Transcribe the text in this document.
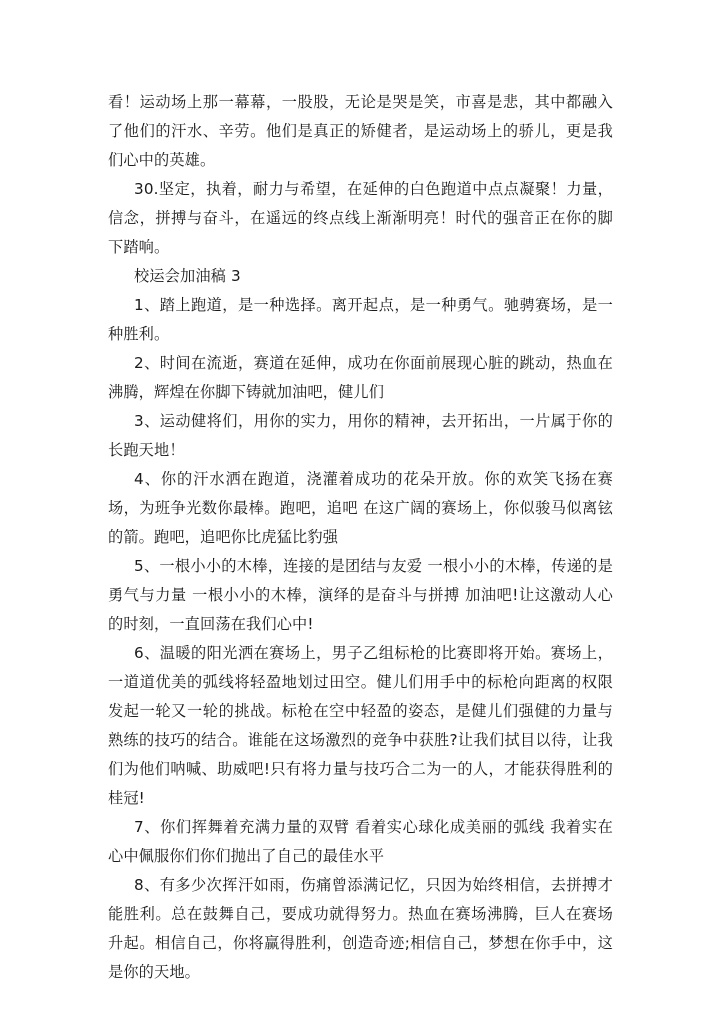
看！运动场上那一幕幕，一股股，无论是哭是笑，市喜是悲，其中都融入了他们的汗水、辛劳。他们是真正的矫健者，是运动场上的骄儿，更是我们心中的英雄。

30.坚定，执着，耐力与希望，在延伸的白色跑道中点点凝聚！力量，信念，拼搏与奋斗，在遥远的终点线上渐渐明亮！时代的强音正在你的脚下踏响。

校运会加油稿 3

1、踏上跑道，是一种选择。离开起点，是一种勇气。驰骋赛场，是一种胜利。

2、时间在流逝，赛道在延伸，成功在你面前展现心脏的跳动，热血在沸腾，辉煌在你脚下铸就加油吧，健儿们

3、运动健将们，用你的实力，用你的精神，去开拓出，一片属于你的长跑天地！

4、你的汗水洒在跑道，浇灌着成功的花朵开放。你的欢笑飞扬在赛场，为班争光数你最棒。跑吧，追吧 在这广阔的赛场上，你似骏马似离铉的箭。跑吧，追吧你比虎猛比豹强

5、一根小小的木棒，连接的是团结与友爱 一根小小的木棒，传递的是勇气与力量 一根小小的木棒，演绎的是奋斗与拼搏 加油吧!让这激动人心的时刻，一直回荡在我们心中!

6、温暖的阳光洒在赛场上，男子乙组标枪的比赛即将开始。赛场上，一道道优美的弧线将轻盈地划过田空。健儿们用手中的标枪向距离的权限发起一轮又一轮的挑战。标枪在空中轻盈的姿态，是健儿们强健的力量与熟练的技巧的结合。谁能在这场激烈的竞争中获胜?让我们拭目以待，让我们为他们呐喊、助威吧!只有将力量与技巧合二为一的人，才能获得胜利的桂冠!

7、你们挥舞着充满力量的双臂 看着实心球化成美丽的弧线 我着实在心中佩服你们你们抛出了自己的最佳水平

8、有多少次挥汗如雨，伤痛曾添满记忆，只因为始终相信，去拼搏才能胜利。总在鼓舞自己，要成功就得努力。热血在赛场沸腾，巨人在赛场升起。相信自己，你将赢得胜利，创造奇迹;相信自己，梦想在你手中，这是你的天地。
